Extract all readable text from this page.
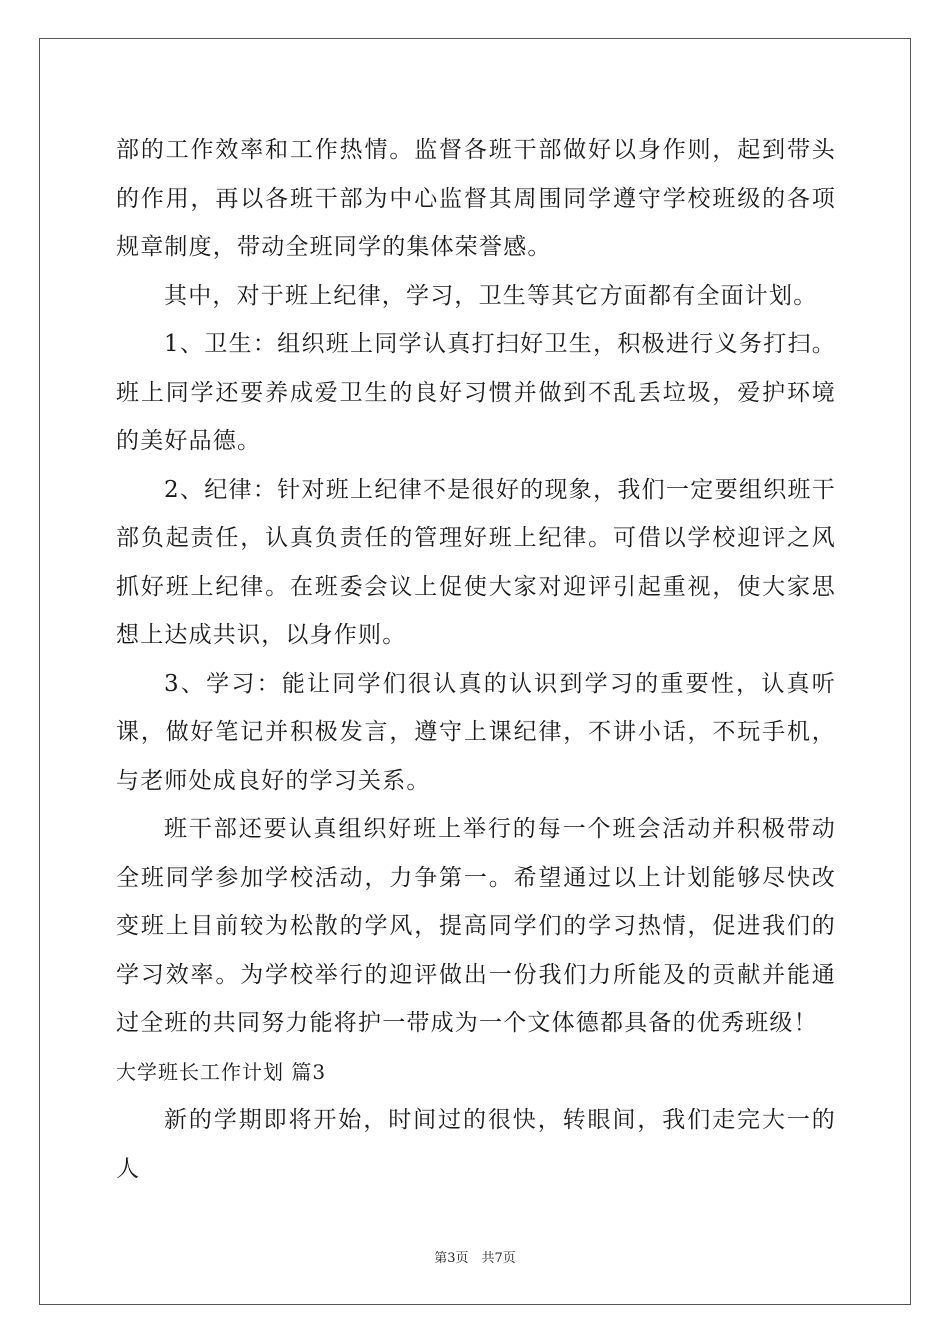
部的工作效率和工作热情。监督各班干部做好以身作则，起到带头的作用，再以各班干部为中心监督其周围同学遵守学校班级的各项规章制度，带动全班同学的集体荣誉感。

其中，对于班上纪律，学习，卫生等其它方面都有全面计划。

1、卫生：组织班上同学认真打扫好卫生，积极进行义务打扫。班上同学还要养成爱卫生的良好习惯并做到不乱丢垃圾，爱护环境的美好品德。

2、纪律：针对班上纪律不是很好的现象，我们一定要组织班干部负起责任，认真负责任的管理好班上纪律。可借以学校迎评之风抓好班上纪律。在班委会议上促使大家对迎评引起重视，使大家思想上达成共识，以身作则。

3、学习：能让同学们很认真的认识到学习的重要性，认真听课，做好笔记并积极发言，遵守上课纪律，不讲小话，不玩手机，与老师处成良好的学习关系。

班干部还要认真组织好班上举行的每一个班会活动并积极带动全班同学参加学校活动，力争第一。希望通过以上计划能够尽快改变班上目前较为松散的学风，提高同学们的学习热情，促进我们的学习效率。为学校举行的迎评做出一份我们力所能及的贡献并能通过全班的共同努力能将护一带成为一个文体德都具备的优秀班级！

大学班长工作计划 篇3

新的学期即将开始，时间过的很快，转眼间，我们走完大一的人

第3页　共7页
